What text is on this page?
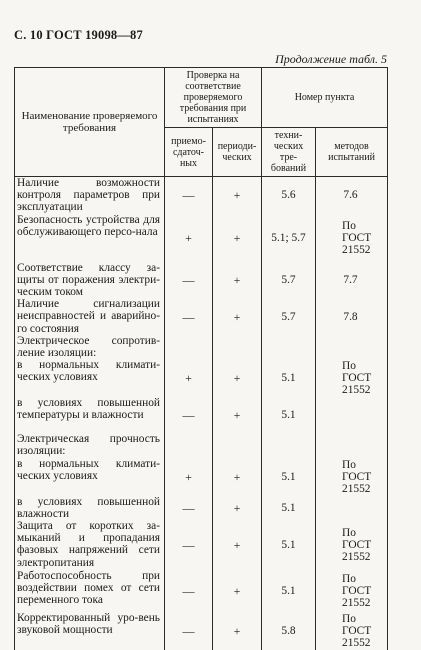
С. 10 ГОСТ 19098—87
Продолжение табл. 5
Наименование проверяемого требования	Проверка на соответствие проверяемого требования при испытаниях		Номер пункта	
	приемо-сдаточ-ных	периоди-ческих	техни-ческих тре-бований	методов испытаний
Наличие возможности контроля параметров при эксплуатации	—	+	5.6	7.6
Безопасность устройства для обслуживающего персо-нала	+	+	5.1; 5.7	По ГОСТ 21552
Соответствие классу за-щиты от поражения электри-ческим током	—	+	5.7	7.7
Наличие сигнализации неисправностей и аварийно-го состояния	—	+	5.7	7.8
Электрическое сопротив-ление изоляции:				
в нормальных климати-ческих условиях	+	+	5.1	По ГОСТ 21552
в условиях повышенной температуры и влажности	—	+	5.1	
Электрическая прочность изоляции:				
в нормальных климати-ческих условиях	+	+	5.1	По ГОСТ 21552
в условиях повышенной влажности	—	+	5.1	
Защита от коротких за-мыканий и пропадания фазовых напряжений сети электропитания	—	+	5.1	По ГОСТ 21552
Работоспособность при воздействии помех от сети переменного тока	—	+	5.1	По ГОСТ 21552
Корректированный уро-вень звуковой мощности	—	+	5.8	По ГОСТ 21552
